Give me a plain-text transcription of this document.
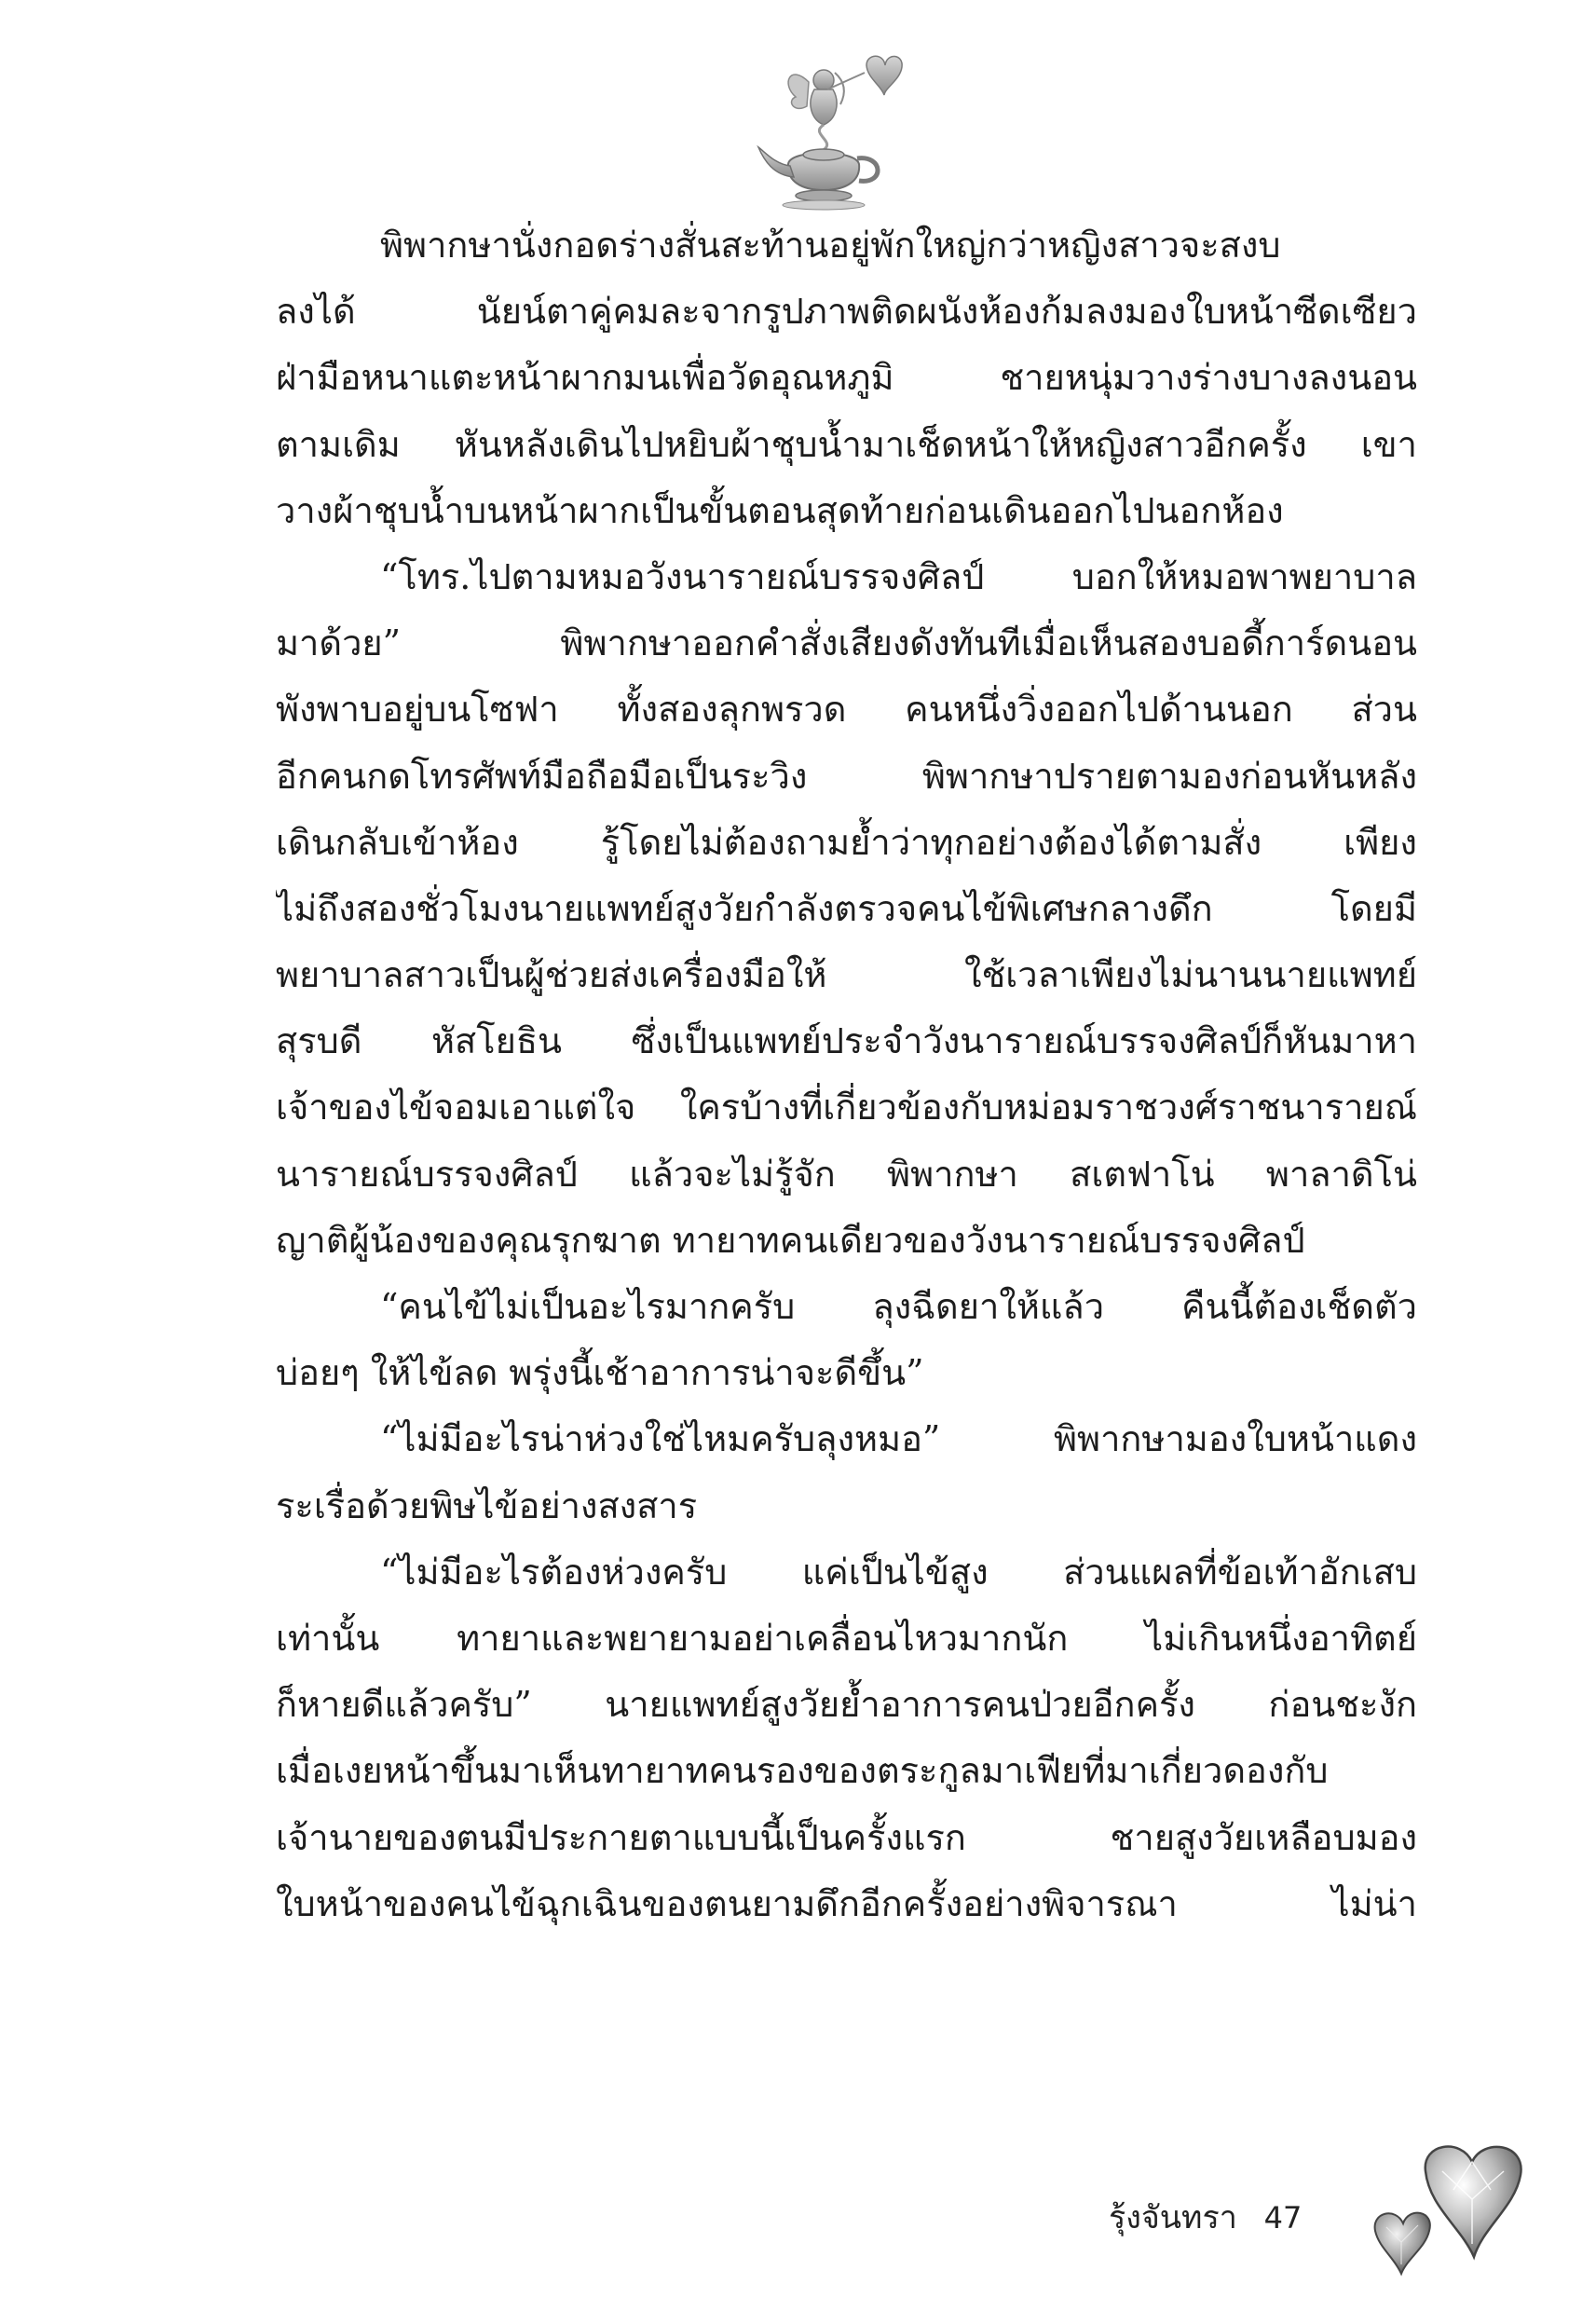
พิพากษานั่งกอดร่างสั่นสะท้านอยู่พักใหญ่กว่าหญิงสาวจะสงบ
ลงได้ นัยน์ตาคู่คมละจากรูปภาพติดผนังห้องก้มลงมองใบหน้าซีดเซียว
ฝ่ามือหนาแตะหน้าผากมนเพื่อวัดอุณหภูมิ ชายหนุ่มวางร่างบางลงนอน
ตามเดิม หันหลังเดินไปหยิบผ้าชุบน้ำมาเช็ดหน้าให้หญิงสาวอีกครั้ง เขา
วางผ้าชุบน้ำบนหน้าผากเป็นขั้นตอนสุดท้ายก่อนเดินออกไปนอกห้อง
“โทร.ไปตามหมอวังนารายณ์บรรจงศิลป์ บอกให้หมอพาพยาบาล
มาด้วย” พิพากษาออกคำสั่งเสียงดังทันทีเมื่อเห็นสองบอดี้การ์ดนอน
พังพาบอยู่บนโซฟา ทั้งสองลุกพรวด คนหนึ่งวิ่งออกไปด้านนอก ส่วน
อีกคนกดโทรศัพท์มือถือมือเป็นระวิง พิพากษาปรายตามองก่อนหันหลัง
เดินกลับเข้าห้อง รู้โดยไม่ต้องถามย้ำว่าทุกอย่างต้องได้ตามสั่ง เพียง
ไม่ถึงสองชั่วโมงนายแพทย์สูงวัยกำลังตรวจคนไข้พิเศษกลางดึก โดยมี
พยาบาลสาวเป็นผู้ช่วยส่งเครื่องมือให้ ใช้เวลาเพียงไม่นานนายแพทย์
สุรบดี หัสโยธิน ซึ่งเป็นแพทย์ประจำวังนารายณ์บรรจงศิลป์ก็หันมาหา
เจ้าของไข้จอมเอาแต่ใจ ใครบ้างที่เกี่ยวข้องกับหม่อมราชวงศ์ราชนารายณ์
นารายณ์บรรจงศิลป์ แล้วจะไม่รู้จัก พิพากษา สเตฟาโน่ พาลาดิโน่
ญาติผู้น้องของคุณรุกฆาต ทายาทคนเดียวของวังนารายณ์บรรจงศิลป์
“คนไข้ไม่เป็นอะไรมากครับ ลุงฉีดยาให้แล้ว คืนนี้ต้องเช็ดตัว
บ่อยๆ ให้ไข้ลด พรุ่งนี้เช้าอาการน่าจะดีขึ้น”
“ไม่มีอะไรน่าห่วงใช่ไหมครับลุงหมอ” พิพากษามองใบหน้าแดง
ระเรื่อด้วยพิษไข้อย่างสงสาร
“ไม่มีอะไรต้องห่วงครับ แค่เป็นไข้สูง ส่วนแผลที่ข้อเท้าอักเสบ
เท่านั้น ทายาและพยายามอย่าเคลื่อนไหวมากนัก ไม่เกินหนึ่งอาทิตย์
ก็หายดีแล้วครับ” นายแพทย์สูงวัยย้ำอาการคนป่วยอีกครั้ง ก่อนชะงัก
เมื่อเงยหน้าขึ้นมาเห็นทายาทคนรองของตระกูลมาเฟียที่มาเกี่ยวดองกับ
เจ้านายของตนมีประกายตาแบบนี้เป็นครั้งแรก ชายสูงวัยเหลือบมอง
ใบหน้าของคนไข้ฉุกเฉินของตนยามดึกอีกครั้งอย่างพิจารณา ไม่น่า
รุ้งจันทรา 47
